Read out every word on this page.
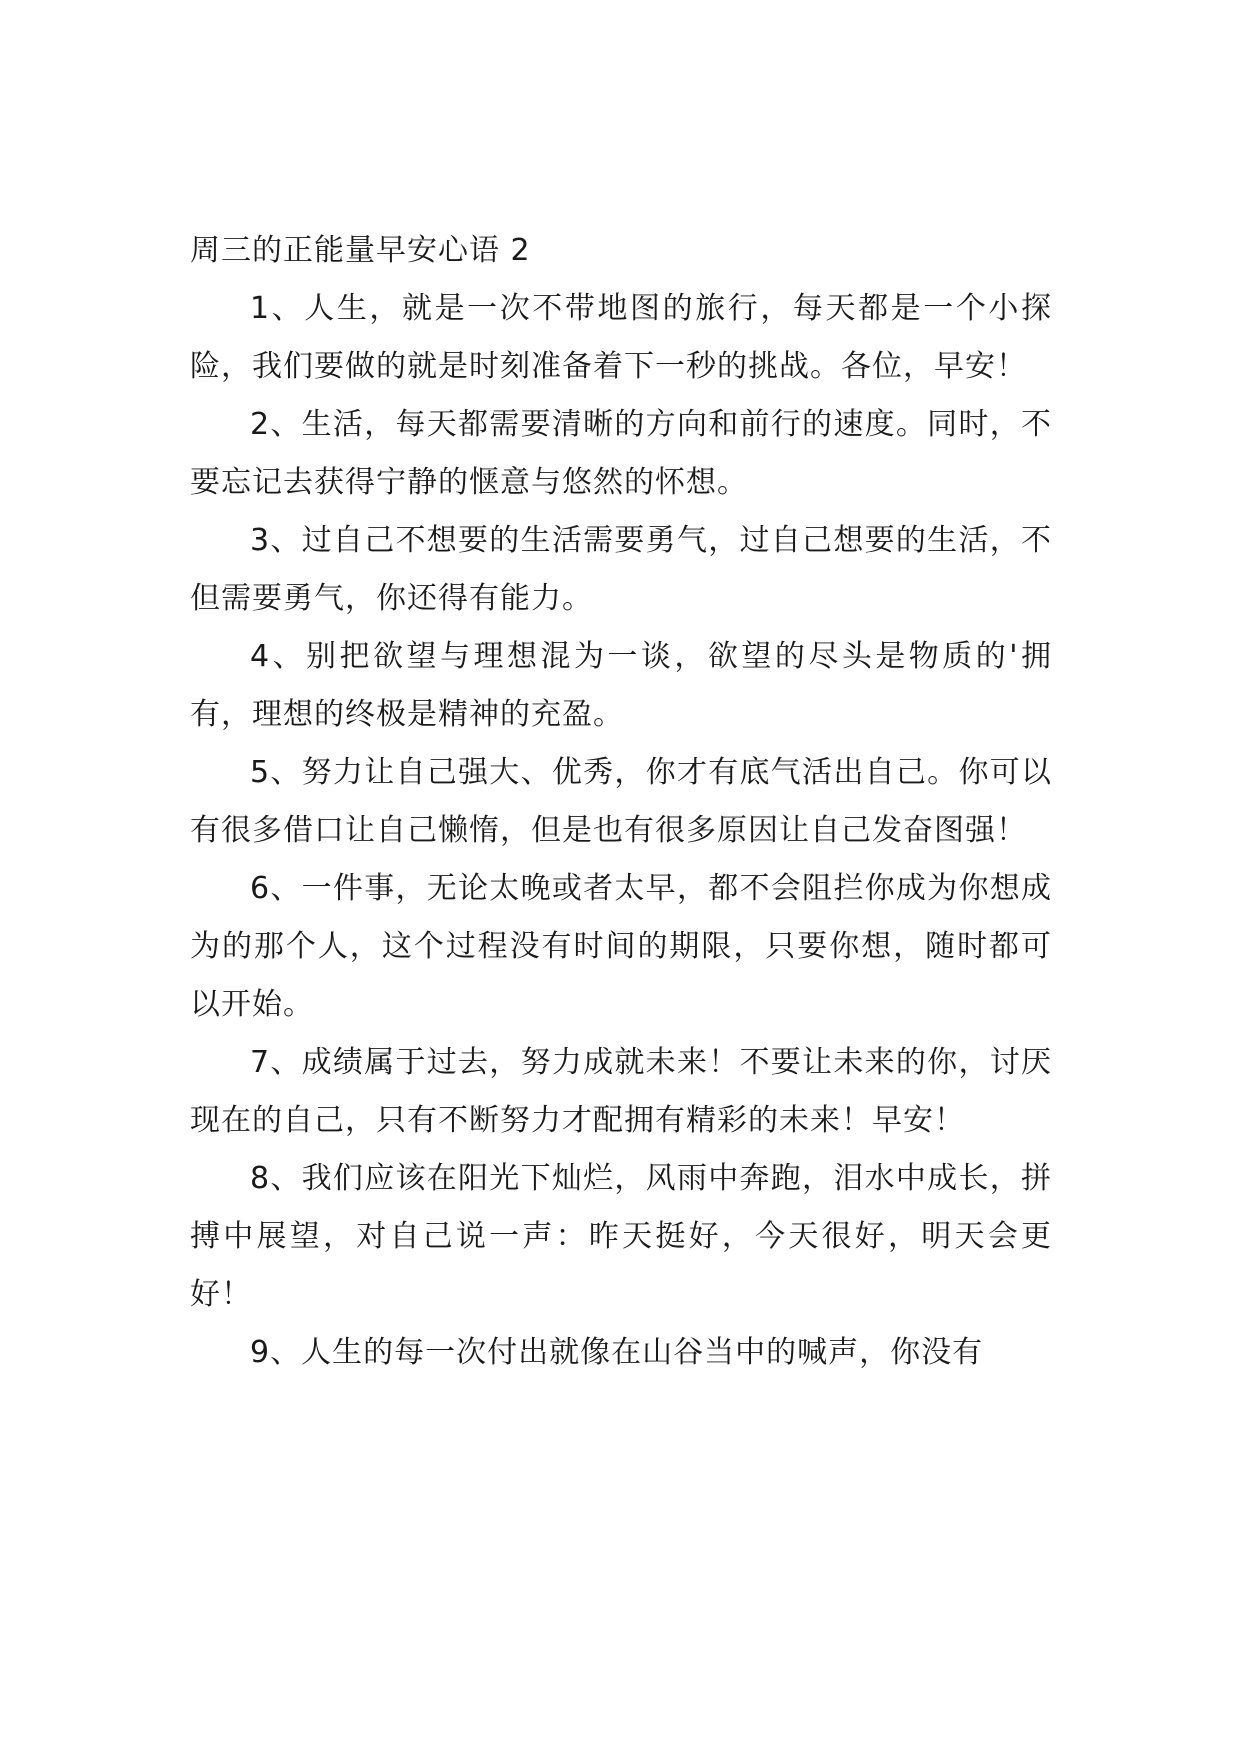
周三的正能量早安心语 2

1、人生，就是一次不带地图的旅行，每天都是一个小探险，我们要做的就是时刻准备着下一秒的挑战。各位，早安！

2、生活，每天都需要清晰的方向和前行的速度。同时，不要忘记去获得宁静的惬意与悠然的怀想。

3、过自己不想要的生活需要勇气，过自己想要的生活，不但需要勇气，你还得有能力。

4、别把欲望与理想混为一谈，欲望的尽头是物质的'拥有，理想的终极是精神的充盈。

5、努力让自己强大、优秀，你才有底气活出自己。你可以有很多借口让自己懒惰，但是也有很多原因让自己发奋图强！

6、一件事，无论太晚或者太早，都不会阻拦你成为你想成为的那个人，这个过程没有时间的期限，只要你想，随时都可以开始。

7、成绩属于过去，努力成就未来！不要让未来的你，讨厌现在的自己，只有不断努力才配拥有精彩的未来！早安！

8、我们应该在阳光下灿烂，风雨中奔跑，泪水中成长，拼搏中展望，对自己说一声：昨天挺好，今天很好，明天会更好！

9、人生的每一次付出就像在山谷当中的喊声，你没有
